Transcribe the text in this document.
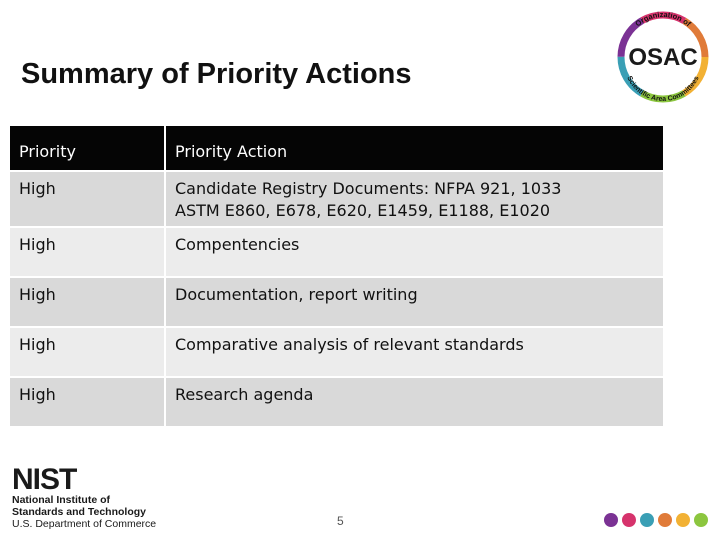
Summary of Priority Actions
Organization of
Scientific Area Committees
OSAC
Priority	Priority Action
High	Candidate Registry Documents: NFPA 921, 1033
ASTM E860, E678, E620, E1459, E1188, E1020

High	Compentencies
High	Documentation, report writing
High	Comparative analysis of relevant standards
High	Research agenda
NIST
National Institute of
Standards and Technology
U.S. Department of Commerce	5
